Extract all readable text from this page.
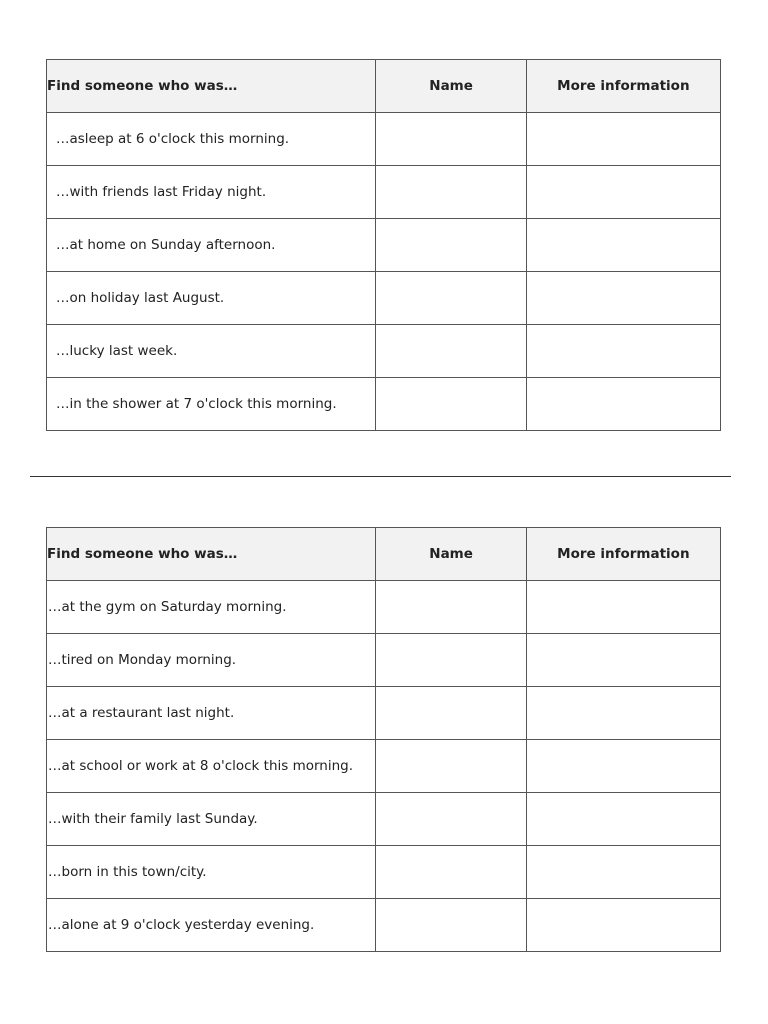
Find someone who was…	Name	More information
…asleep at 6 o'clock this morning.		
…with friends last Friday night.		
…at home on Sunday afternoon.		
…on holiday last August.		
…lucky last week.		
…in the shower at 7 o'clock this morning.		
Find someone who was…	Name	More information
…at the gym on Saturday morning.		
…tired on Monday morning.		
…at a restaurant last night.		
…at school or work at 8 o'clock this morning.		
…with their family last Sunday.		
…born in this town/city.		
…alone at 9 o'clock yesterday evening.		
